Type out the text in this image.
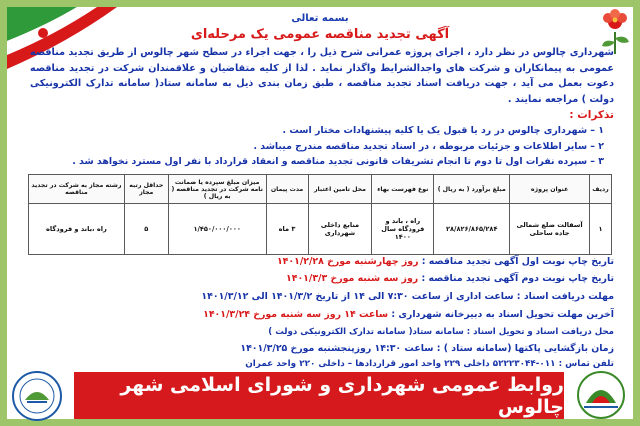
بسمه تعالی
آگهی تجدید مناقصه عمومی یک مرحله‌ای
شهرداری چالوس در نظر دارد ، اجرای پروژه عمرانی شرح ذیل را ، جهت اجراء در سطح شهر چالوس از طریق تجدید مناقصه عمومی به پیمانکاران و شرکت های واجدالشرایط واگذار نماید . لذا از کلیه متقاضیان و علاقمندان شرکت در تجدید مناقصه دعوت بعمل می آید ، جهت دریافت اسناد تجدید مناقصه ، طبق زمان بندی ذیل به سامانه ستاد( سامانه تدارک الکترونیکی دولت ) مراجعه نمایند .
تذکرات :
۱ – شهرداری چالوس در رد یا قبول یک یا کلیه پیشنهادات مختار است .
۲ – سایر اطلاعات و جزئیات مربوطه ، در اسناد تجدید مناقصه مندرج میباشد .
۳ – سپرده نفرات اول تا دوم تا انجام تشریفات قانونی تجدید مناقصه و انعقاد قرارداد با نفر اول مسترد نخواهد شد .
ردیف	عنوان پروژه	مبلغ برآورد ( به ریال )	نوع فهرست بهاء	محل تامین اعتبار	مدت پیمان	میزان مبلغ سپرده یا ضمانت نامه شرکت در تجدید مناقصه ( به ریال )	حداقل رتبه مجاز	رشته مجاز به شرکت در تجدید مناقصه
۱	آسفالت ضلع شمالی جاده ساحلی	۲۸/۸۲۶/۸۶۵/۲۸۴	راه ، باند و فرودگاه سال ۱۴۰۰	منابع داخلی شهرداری	۳ ماه	۱/۴۵۰/۰۰۰/۰۰۰	۵	راه ،باند و فرودگاه
تاریخ چاپ نوبت اول آگهی تجدید مناقصه : روز چهارشنبه مورخ ۱۴۰۱/۲/۲۸
تاریخ چاپ نوبت دوم آگهی تجدید مناقصه : روز سه شنبه مورخ ۱۴۰۱/۳/۳
مهلت دریافت اسناد : ساعت اداری از ساعت ۷:۳۰ الی ۱۴ از تاریخ ۱۴۰۱/۳/۲ الی ۱۴۰۱/۳/۱۲
آخرین مهلت تحویل اسناد به دبیرخانه شهرداری : ساعت ۱۴ روز سه شنبه مورخ ۱۴۰۱/۳/۲۴
محل دریافت اسناد و تحویل اسناد : سامانه ستاد( سامانه تدارک الکترونیکی دولت )
زمان بازگشایی پاکتها (سامانه ستاد ) : ساعت ۱۴:۳۰ روزپنجشنبه مورخ ۱۴۰۱/۳/۲۵
تلفن تماس : ۰۱۱-۵۲۲۲۳۰۴۴ داخلی ۲۲۹ واحد امور قراردادها – داخلی ۲۲۰ واحد عمران
روابط عمومی شهرداری و شورای اسلامی شهر چالوس
